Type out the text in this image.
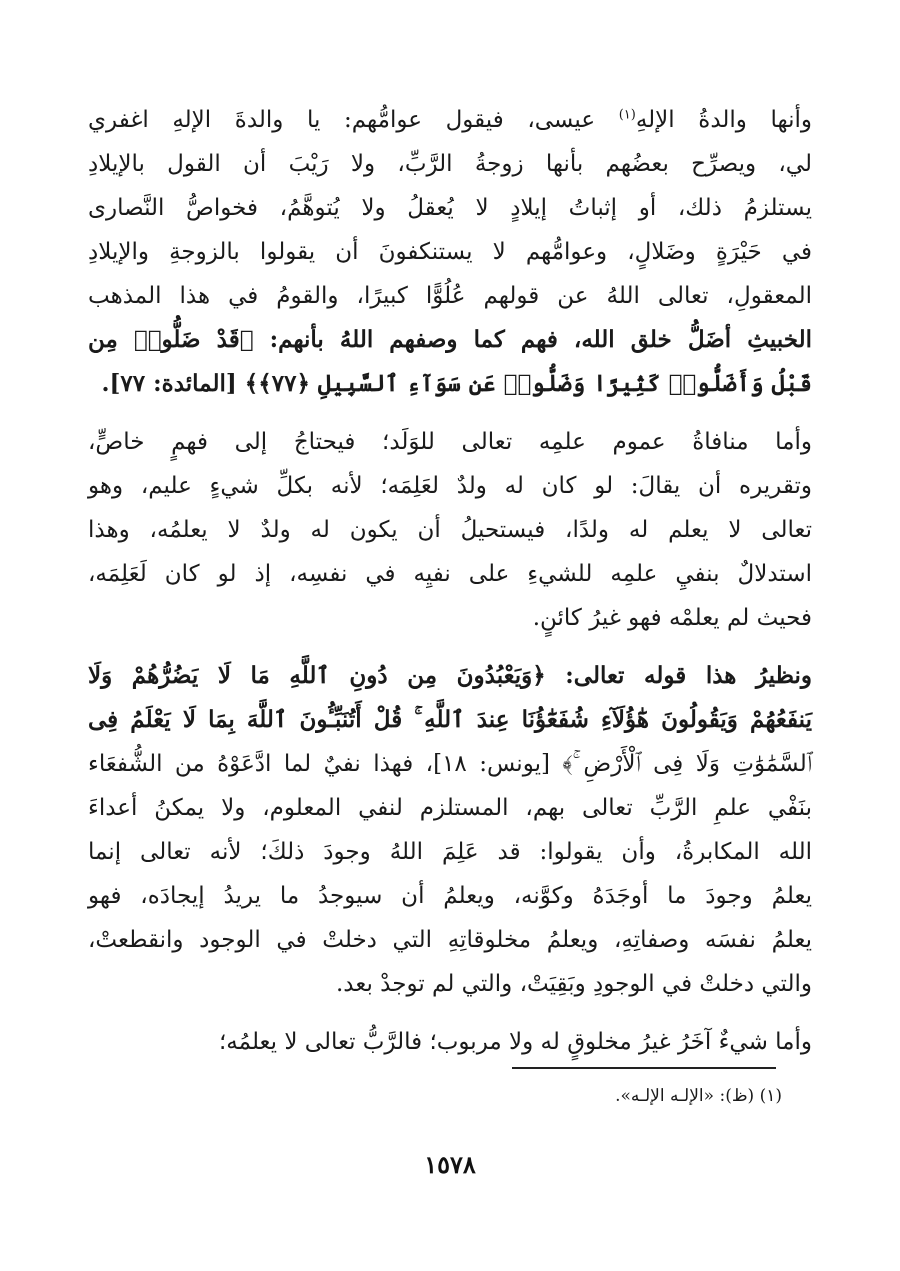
وأنها والدةُ الإلهِ$^{(١)}$ عيسى، فيقول عوامُّهم: يا والدةَ الإلهِ اغفري
لي، ويصرِّح بعضُهم بأنها زوجةُ الرَّبِّ، ولا رَيْبَ أن القول بالإيلادِ
يستلزمُ ذلك، أو إثباتُ إيلادٍ لا يُعقلُ ولا يُتوهَّمُ، فخواصُّ النَّصارى
في حَيْرَةٍ وضَلالٍ، وعوامُّهم لا يستنكفونَ أن يقولوا بالزوجةِ والإيلادِ
المعقولِ، تعالى اللهُ عن قولهم عُلُوًّا كبيرًا، والقومُ في هذا المذهب
الخبيثِ أضَلُّ خلق الله، فهم كما وصفهم اللهُ بأنهم: ﴿قَدْ ضَلُّوا۟ مِن
قَبْلُ وَأَضَلُّوا۟ كَثِيرًا وَضَلُّوا۟ عَن سَوَآءِ ٱلسَّبِيلِ ﴿٧٧﴾﴾ [المائدة: ٧٧].

وأما منافاةُ عموم علمِه تعالى للوَلَد؛ فيحتاجُ إلى فهمٍ خاصٍّ،
وتقريره أن يقالَ: لو كان له ولدٌ لعَلِمَه؛ لأنه بكلِّ شيءٍ عليم، وهو
تعالى لا يعلم له ولدًا، فيستحيلُ أن يكون له ولدٌ لا يعلمُه، وهذا
استدلالٌ بنفيِ علمِه للشيءِ على نفيِه في نفسِه، إذ لو كان لَعَلِمَه،
فحيث لم يعلمْه فهو غيرُ كائنٍ.

ونظيرُ هذا قوله تعالى: ﴿وَيَعْبُدُونَ مِن دُونِ ٱللَّهِ مَا لَا يَضُرُّهُمْ وَلَا
يَنفَعُهُمْ وَيَقُولُونَ هَٰٓؤُلَآءِ شُفَعَٰٓؤُنَا عِندَ ٱللَّهِ ۚ قُلْ أَتُنَبِّـُٔونَ ٱللَّهَ بِمَا لَا يَعْلَمُ فِى
ٱلسَّمَٰوَٰتِ وَلَا فِى ٱلْأَرْضِ ۚ﴾ [يونس: ١٨]، فهذا نفيٌ لما ادَّعَوْهُ من الشُّفعَاء
بنَفْي علمِ الرَّبِّ تعالى بهم، المستلزم لنفي المعلوم، ولا يمكنُ أعداءَ
الله المكابرةُ، وأن يقولوا: قد عَلِمَ اللهُ وجودَ ذلكَ؛ لأنه تعالى إنما
يعلمُ وجودَ ما أوجَدَهُ وكوَّنه، ويعلمُ أن سيوجدُ ما يريدُ إيجادَه، فهو
يعلمُ نفسَه وصفاتِهِ، ويعلمُ مخلوقاتِهِ التي دخلتْ في الوجود وانقطعتْ،
والتي دخلتْ في الوجودِ وبَقِيَتْ، والتي لم توجدْ بعد.

وأما شيءٌ آخَرُ غيرُ مخلوقٍ له ولا مربوب؛ فالرَّبُّ تعالى لا يعلمُه؛

(١) (ظ): «الإلـه الإلـه».
١٥٧٨
